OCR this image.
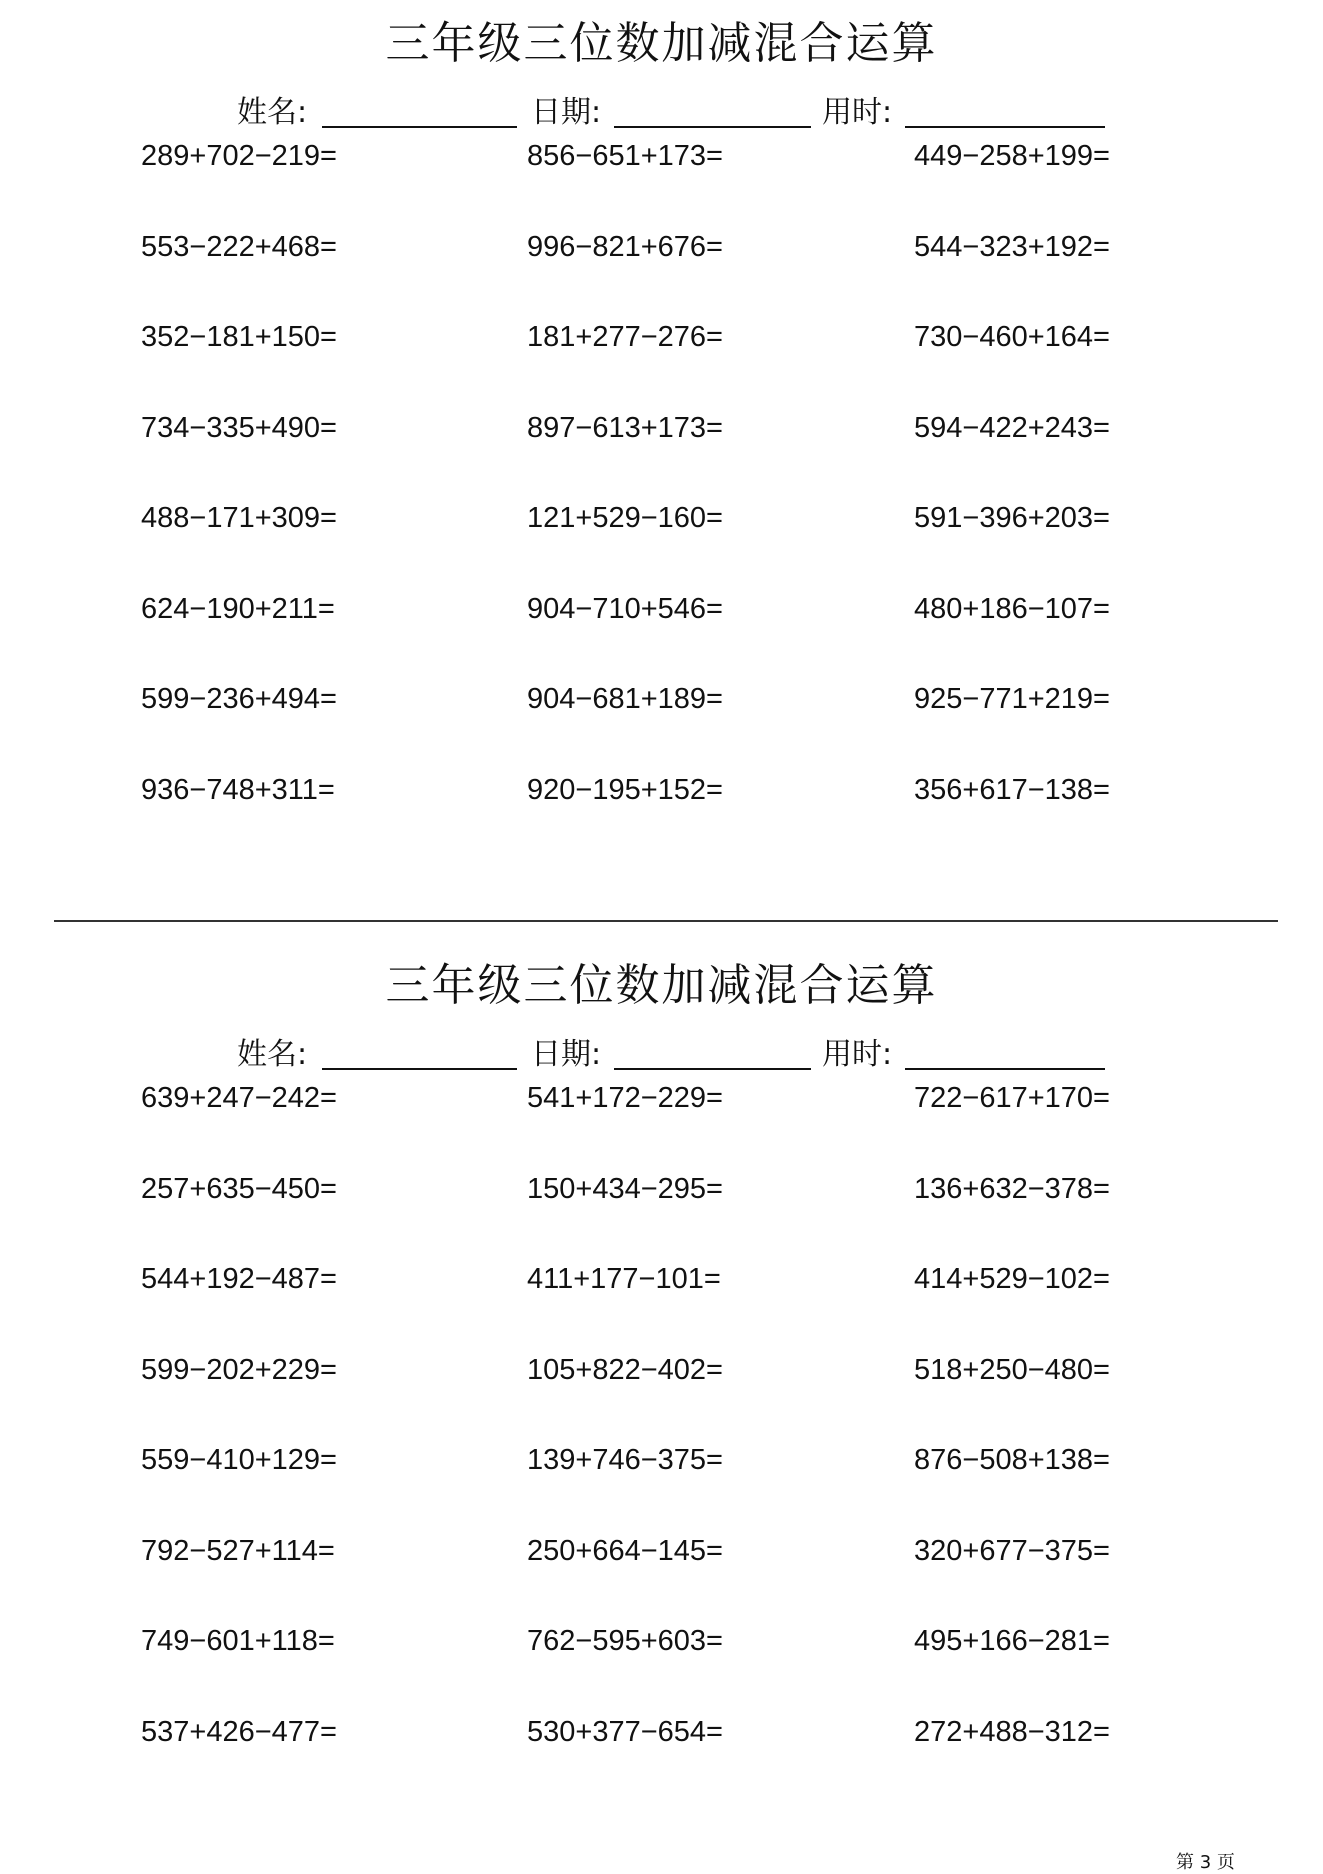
三年级三位数加减混合运算
姓名:	日期:	用时:
289+702−219=	856−651+173=	449−258+199=
553−222+468=	996−821+676=	544−323+192=
352−181+150=	181+277−276=	730−460+164=
734−335+490=	897−613+173=	594−422+243=
488−171+309=	121+529−160=	591−396+203=
624−190+211=	904−710+546=	480+186−107=
599−236+494=	904−681+189=	925−771+219=
936−748+311=	920−195+152=	356+617−138=
三年级三位数加减混合运算
姓名:	日期:	用时:
639+247−242=	541+172−229=	722−617+170=
257+635−450=	150+434−295=	136+632−378=
544+192−487=	411+177−101=	414+529−102=
599−202+229=	105+822−402=	518+250−480=
559−410+129=	139+746−375=	876−508+138=
792−527+114=	250+664−145=	320+677−375=
749−601+118=	762−595+603=	495+166−281=
537+426−477=	530+377−654=	272+488−312=
第 3 页
